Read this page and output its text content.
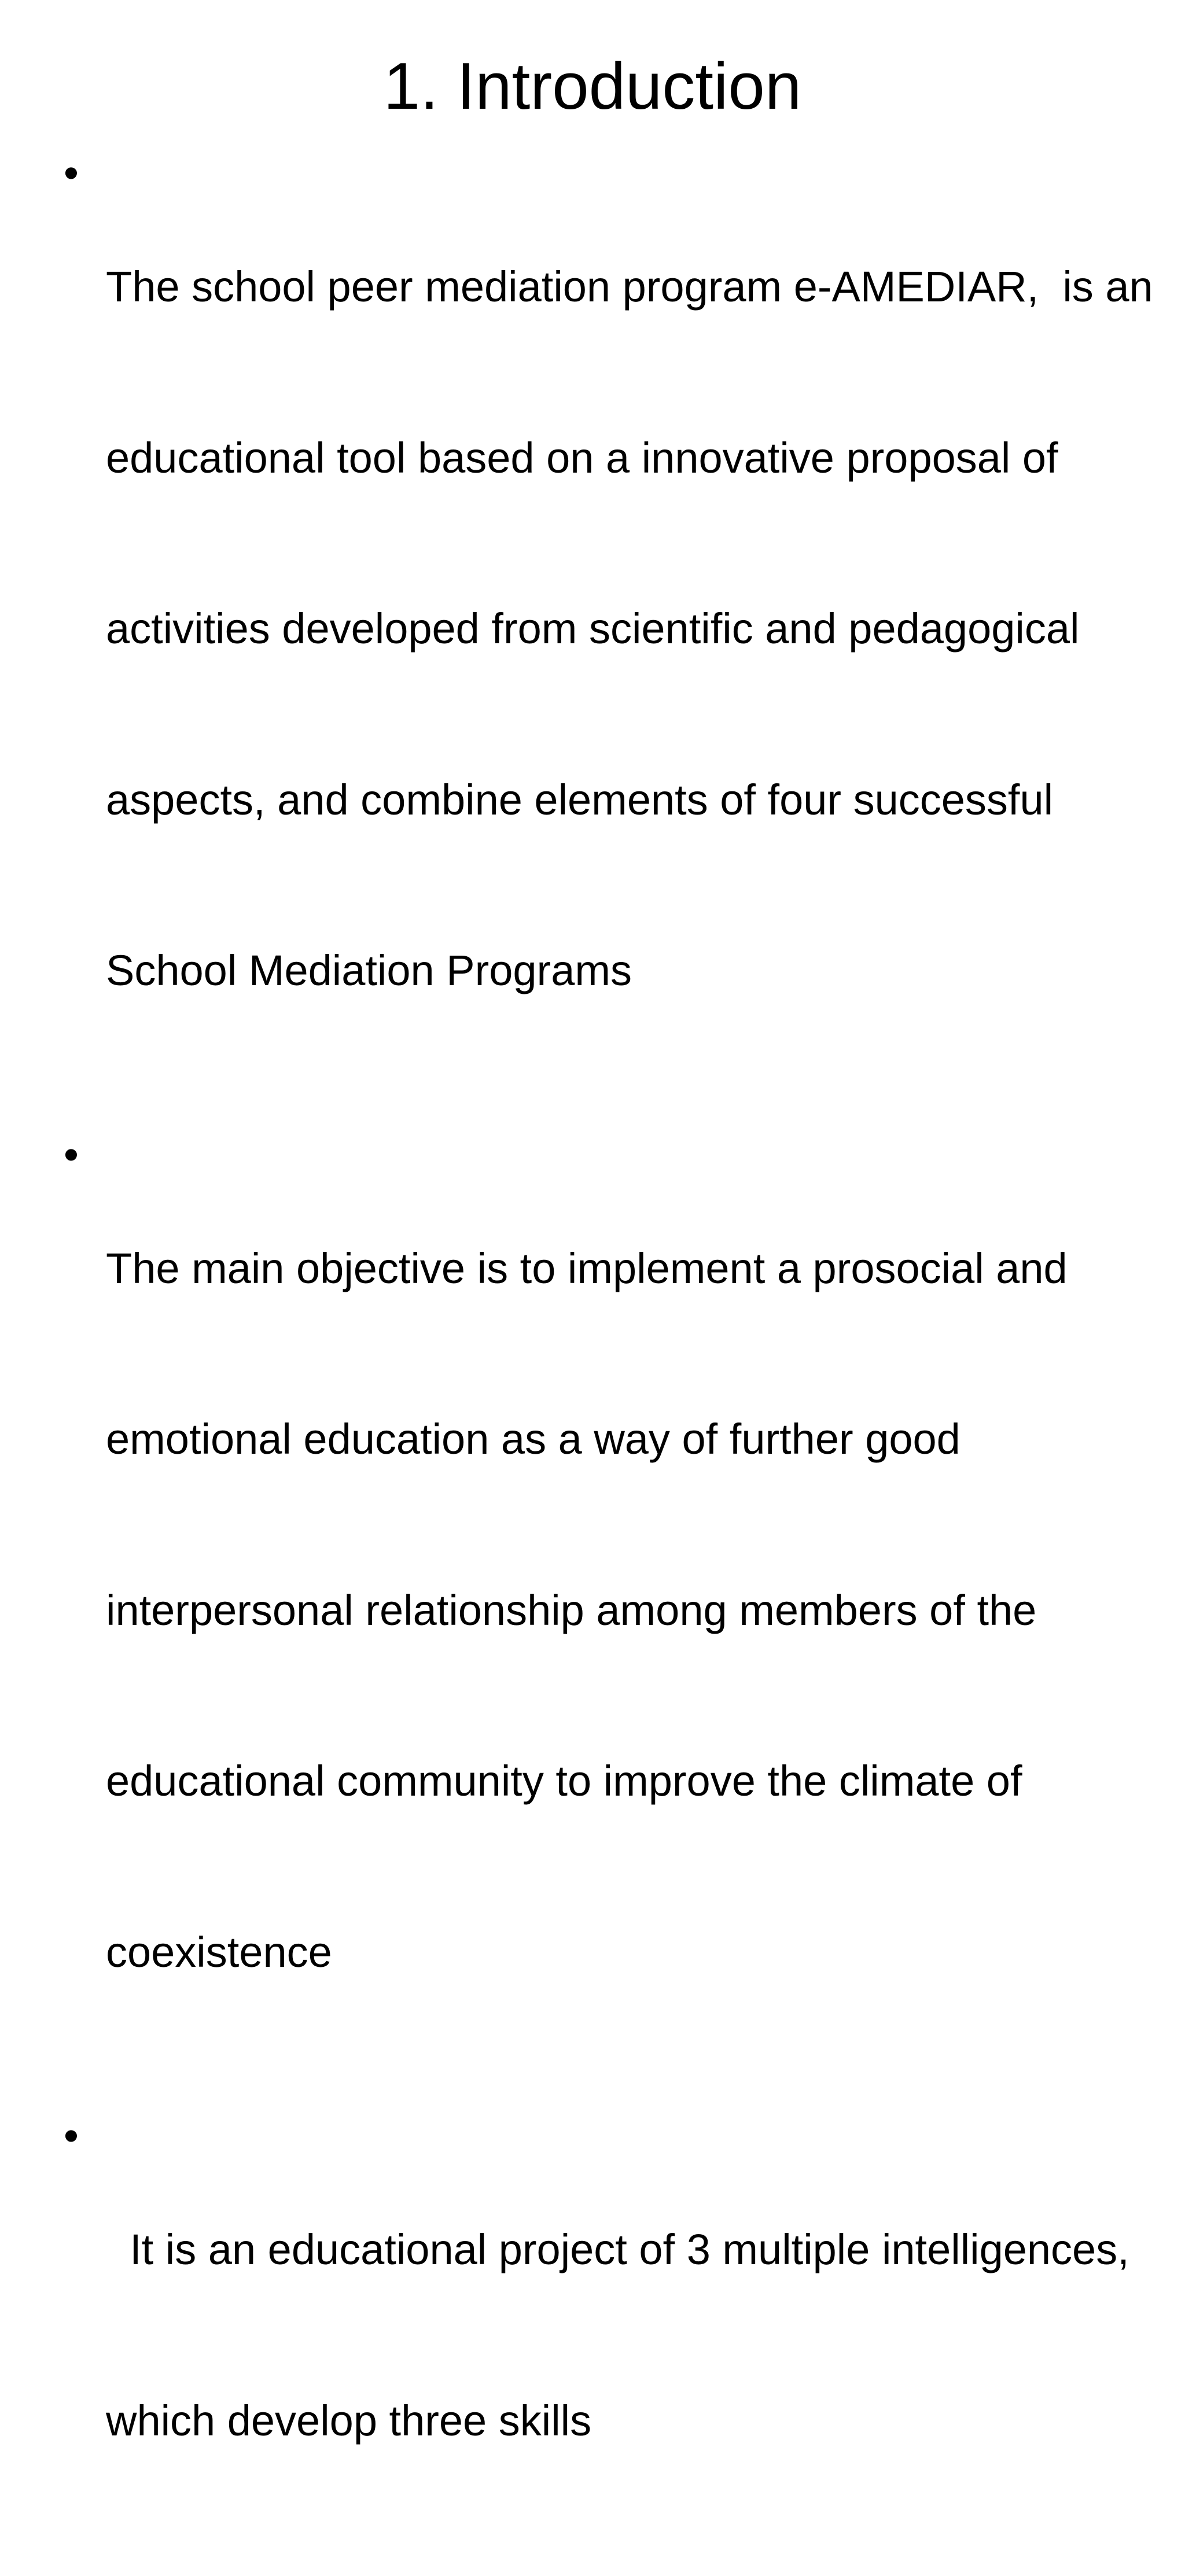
1. Introduction
•

The school peer mediation program e-AMEDIAR,  is an

educational tool based on a innovative proposal of

activities developed from scientific and pedagogical

aspects, and combine elements of four successful

School Mediation Programs

•

The main objective is to implement a prosocial and

emotional education as a way of further good

interpersonal relationship among members of the

educational community to improve the climate of

coexistence

•

It is an educational project of 3 multiple intelligences,

which develop three skills
